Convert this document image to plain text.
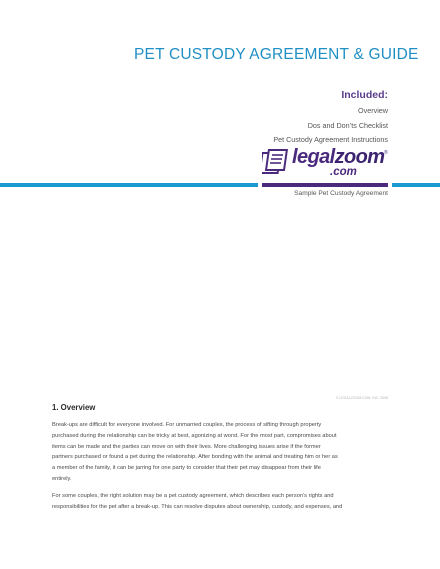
PET CUSTODY AGREEMENT & GUIDE
Included:
Overview
Dos and Don’ts Checklist
Pet Custody Agreement Instructions
legalzoom ®
.com
Sample Pet Custody Agreement
© LEGALZOOM.COM, INC. 2008
1. Overview
Break-ups are difficult for everyone involved. For unmarried couples, the process of sifting through property
purchased during the relationship can be tricky at best, agonizing at worst. For the most part, compromises about
items can be made and the parties can move on with their lives. More challenging issues arise if the former
partners purchased or found a pet during the relationship. After bonding with the animal and treating him or her as
a member of the family, it can be jarring for one party to consider that their pet may disappear from their life
entirely.
For some couples, the right solution may be a pet custody agreement, which describes each person’s rights and
responsibilities for the pet after a break-up. This can resolve disputes about ownership, custody, and expenses, and
